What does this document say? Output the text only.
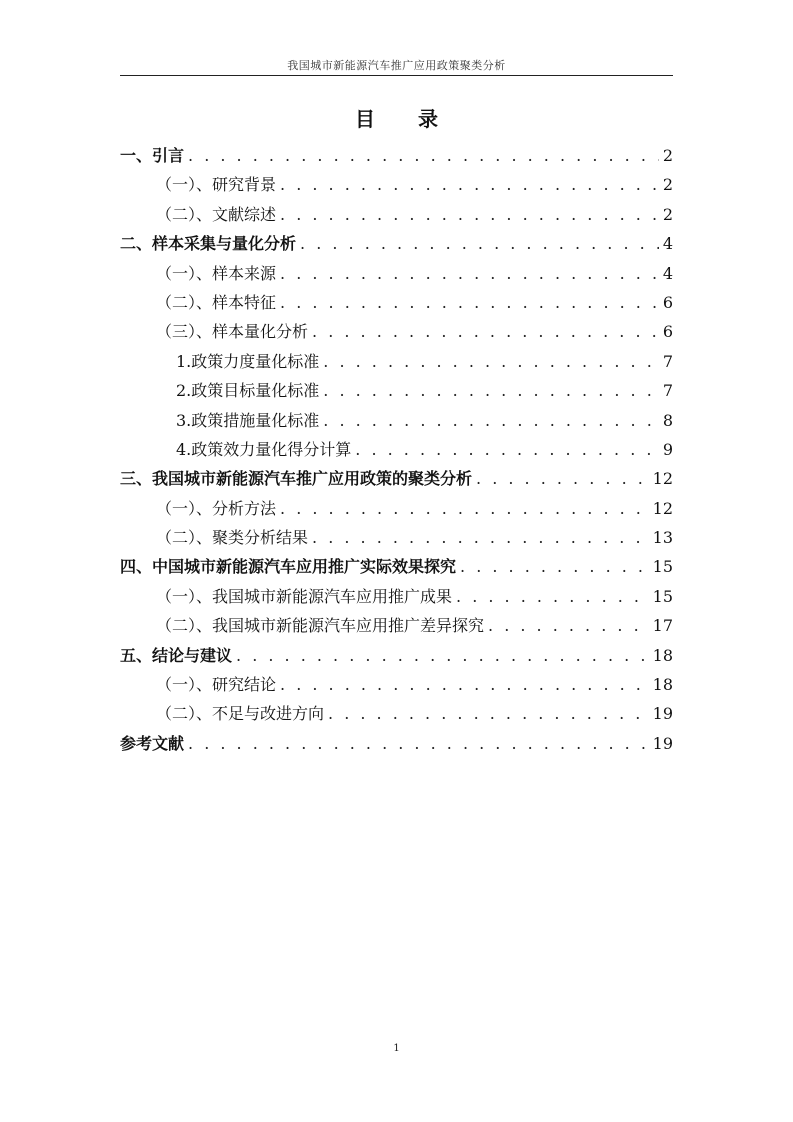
我国城市新能源汽车推广应用政策聚类分析
目 录
一、引言 . . .	2
（一）、研究背景 . . .	2
（二）、文献综述 . . .	2
二、样本采集与量化分析 . . .	4
（一）、样本来源 . . .	4
（二）、样本特征 . . .	6
（三）、样本量化分析 . . .	6
1.政策力度量化标准 . . .	7
2.政策目标量化标准 . . .	7
3.政策措施量化标准 . . .	8
4.政策效力量化得分计算 . . .	9
三、我国城市新能源汽车推广应用政策的聚类分析 . . .	12
（一）、分析方法 . . .	12
（二）、聚类分析结果 . . .	13
四、中国城市新能源汽车应用推广实际效果探究 . . .	15
（一）、我国城市新能源汽车应用推广成果 . . .	15
（二）、我国城市新能源汽车应用推广差异探究 . . .	17
五、结论与建议 . . .	18
（一）、研究结论 . . .	18
（二）、不足与改进方向 . . .	19
参考文献 . . .	19
1
